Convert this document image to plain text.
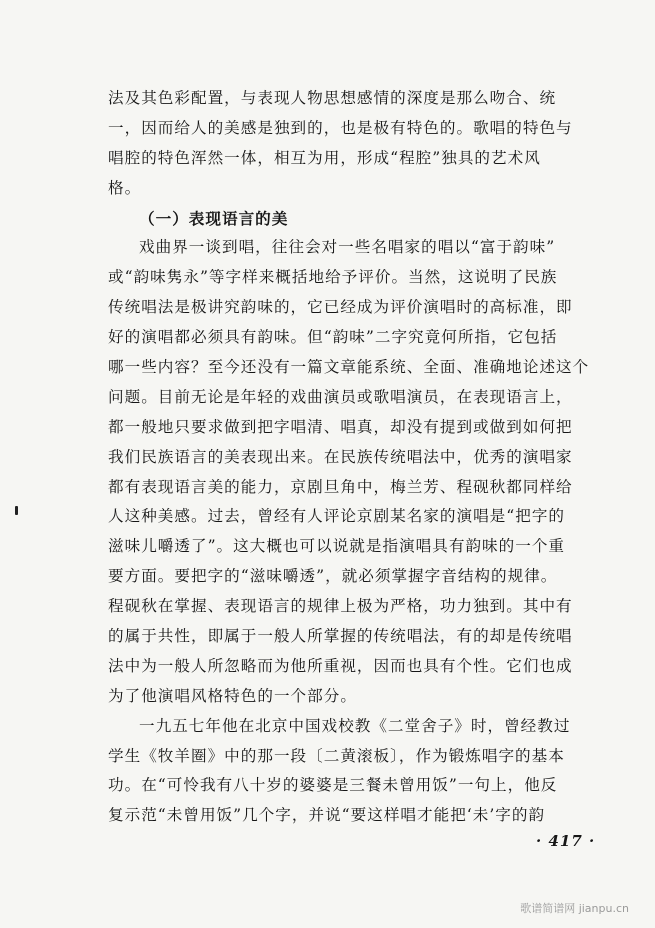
法及其色彩配置，与表现人物思想感情的深度是那么吻合、统
一，因而给人的美感是独到的，也是极有特色的。歌唱的特色与
唱腔的特色浑然一体，相互为用，形成“程腔”独具的艺术风
格。
（一）表现语言的美
戏曲界一谈到唱，往往会对一些名唱家的唱以“富于韵味”
或“韵味隽永”等字样来概括地给予评价。当然，这说明了民族
传统唱法是极讲究韵味的，它已经成为评价演唱时的高标准，即
好的演唱都必须具有韵味。但“韵味”二字究竟何所指，它包括
哪一些内容？至今还没有一篇文章能系统、全面、准确地论述这个
问题。目前无论是年轻的戏曲演员或歌唱演员，在表现语言上，
都一般地只要求做到把字唱清、唱真，却没有提到或做到如何把
我们民族语言的美表现出来。在民族传统唱法中，优秀的演唱家
都有表现语言美的能力，京剧旦角中，梅兰芳、程砚秋都同样给
人这种美感。过去，曾经有人评论京剧某名家的演唱是“把字的
滋味儿嚼透了”。这大概也可以说就是指演唱具有韵味的一个重
要方面。要把字的“滋味嚼透”，就必须掌握字音结构的规律。
程砚秋在掌握、表现语言的规律上极为严格，功力独到。其中有
的属于共性，即属于一般人所掌握的传统唱法，有的却是传统唱
法中为一般人所忽略而为他所重视，因而也具有个性。它们也成
为了他演唱风格特色的一个部分。
一九五七年他在北京中国戏校教《二堂舍子》时，曾经教过
学生《牧羊圈》中的那一段〔二黄滚板〕，作为锻炼唱字的基本
功。在“可怜我有八十岁的婆婆是三餐未曾用饭”一句上，他反
复示范“未曾用饭”几个字，并说“要这样唱才能把‘未’字的韵
· 417 ·
歌谱简谱网 jianpu.cn
